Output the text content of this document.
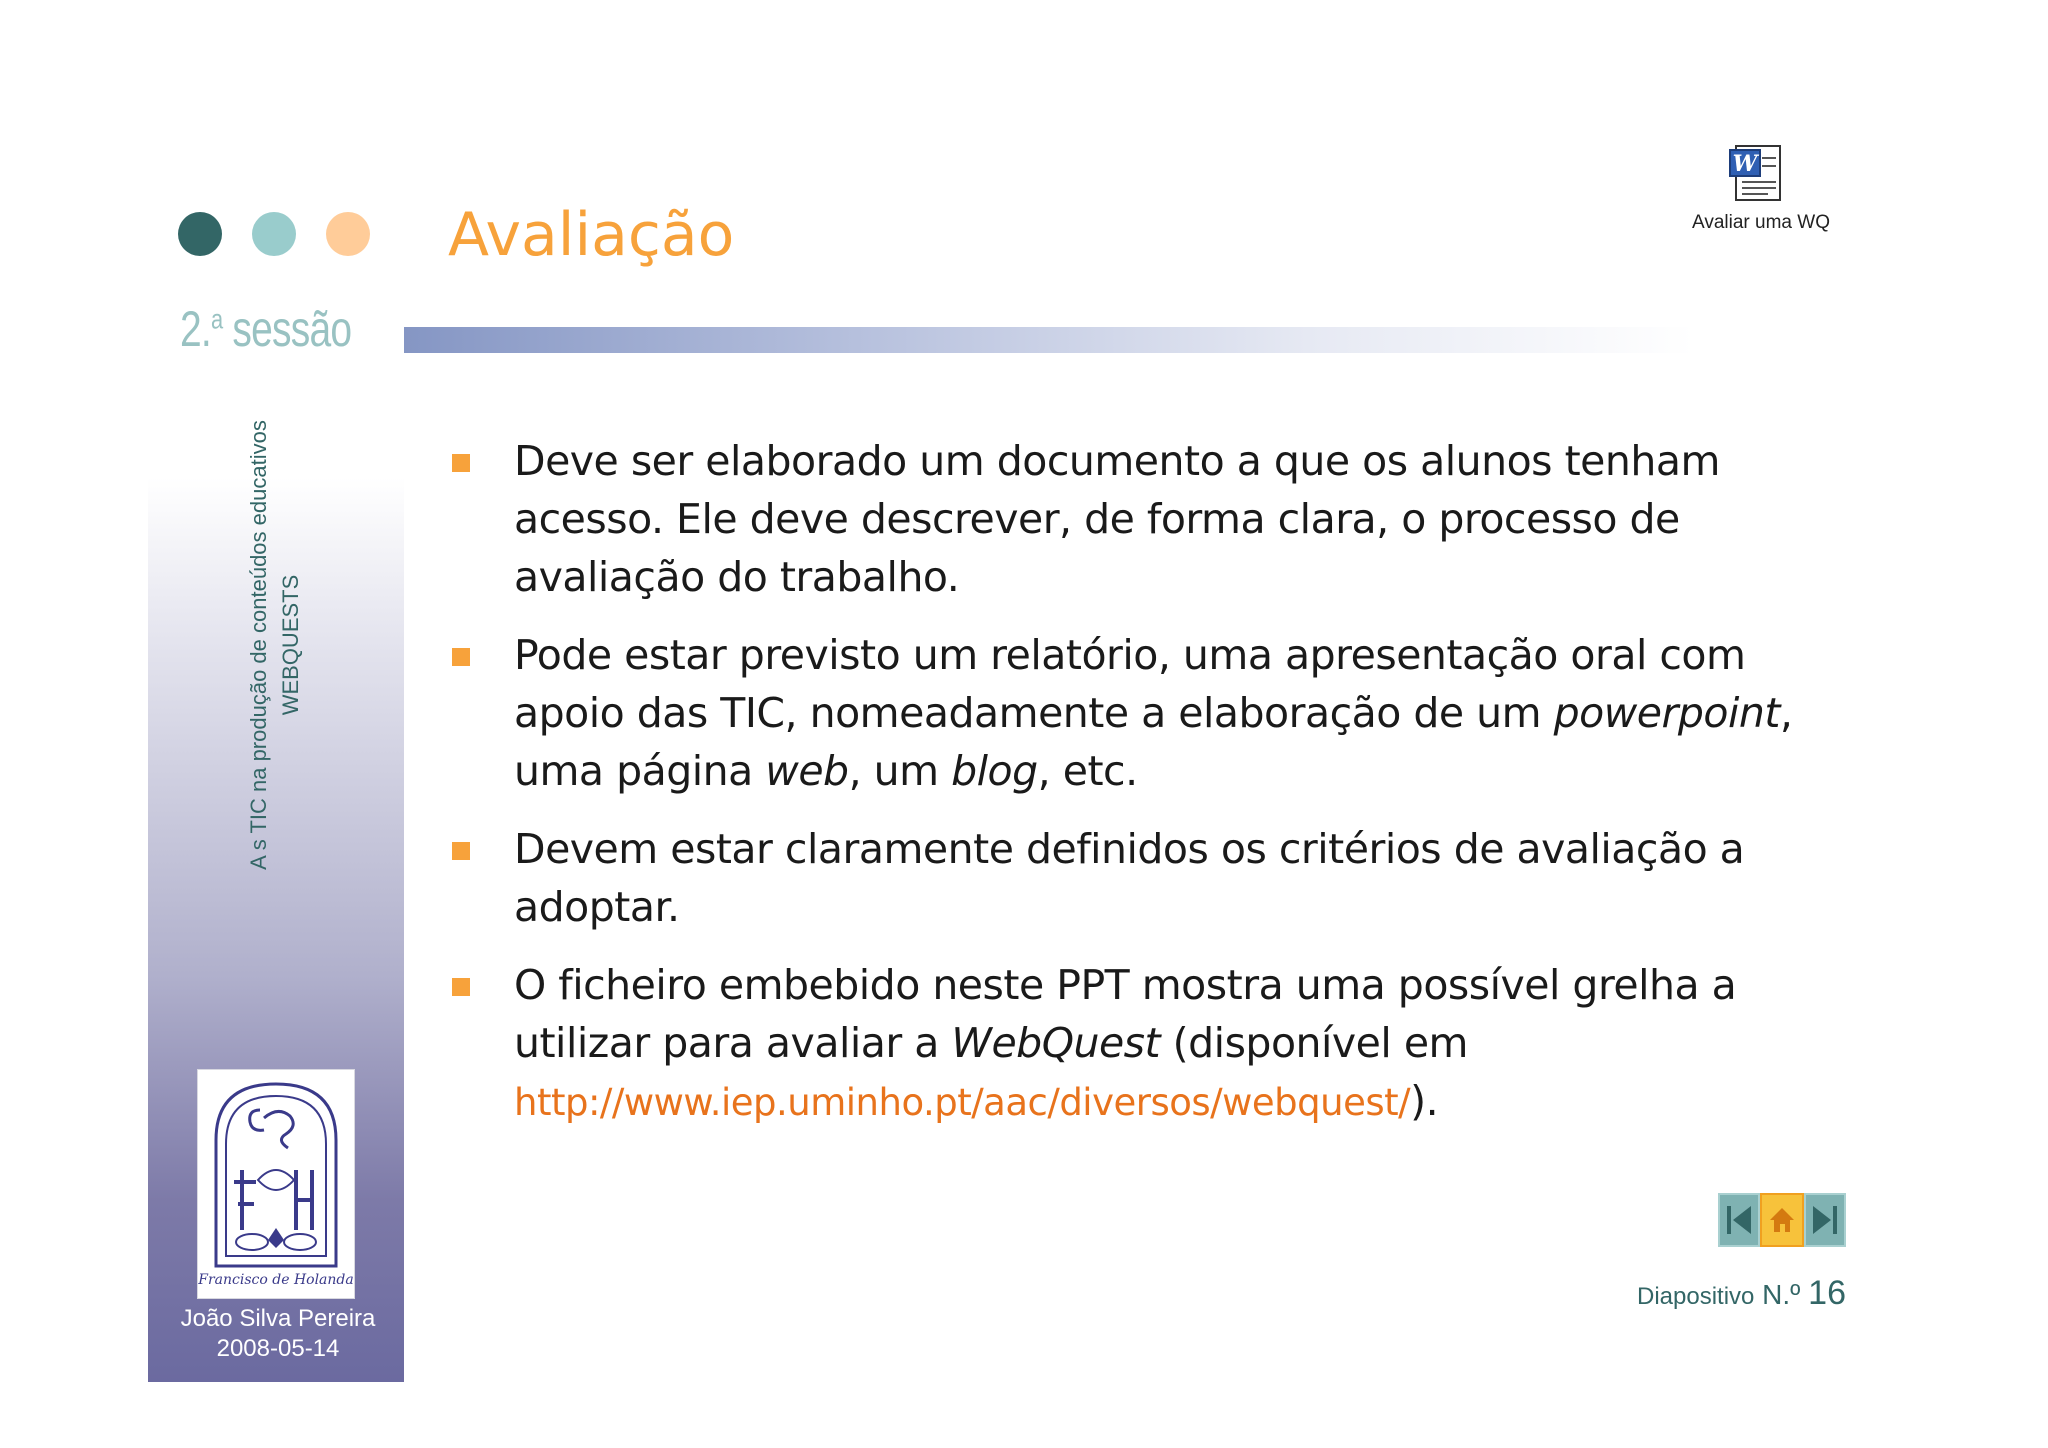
2.$^a$ sessão
Avaliação
A s TIC na produção de conteúdos educativos WEBQUESTS
W
Avaliar uma WQ
Deve ser elaborado um documento a que os alunos tenham acesso. Ele deve descrever, de forma clara, o processo de avaliação do trabalho.
Pode estar previsto um relatório, uma apresentação oral com apoio das TIC, nomeadamente a elaboração de um powerpoint, uma página web, um blog, etc.
Devem estar claramente definidos os critérios de avaliação a adoptar.
O ficheiro embebido neste PPT mostra uma possível grelha a utilizar para avaliar a WebQuest (disponível em
http://www.iep.uminho.pt/aac/diversos/webquest/).
Francisco de Holanda
João Silva Pereira
2008-05-14
Diapositivo N.º 16
